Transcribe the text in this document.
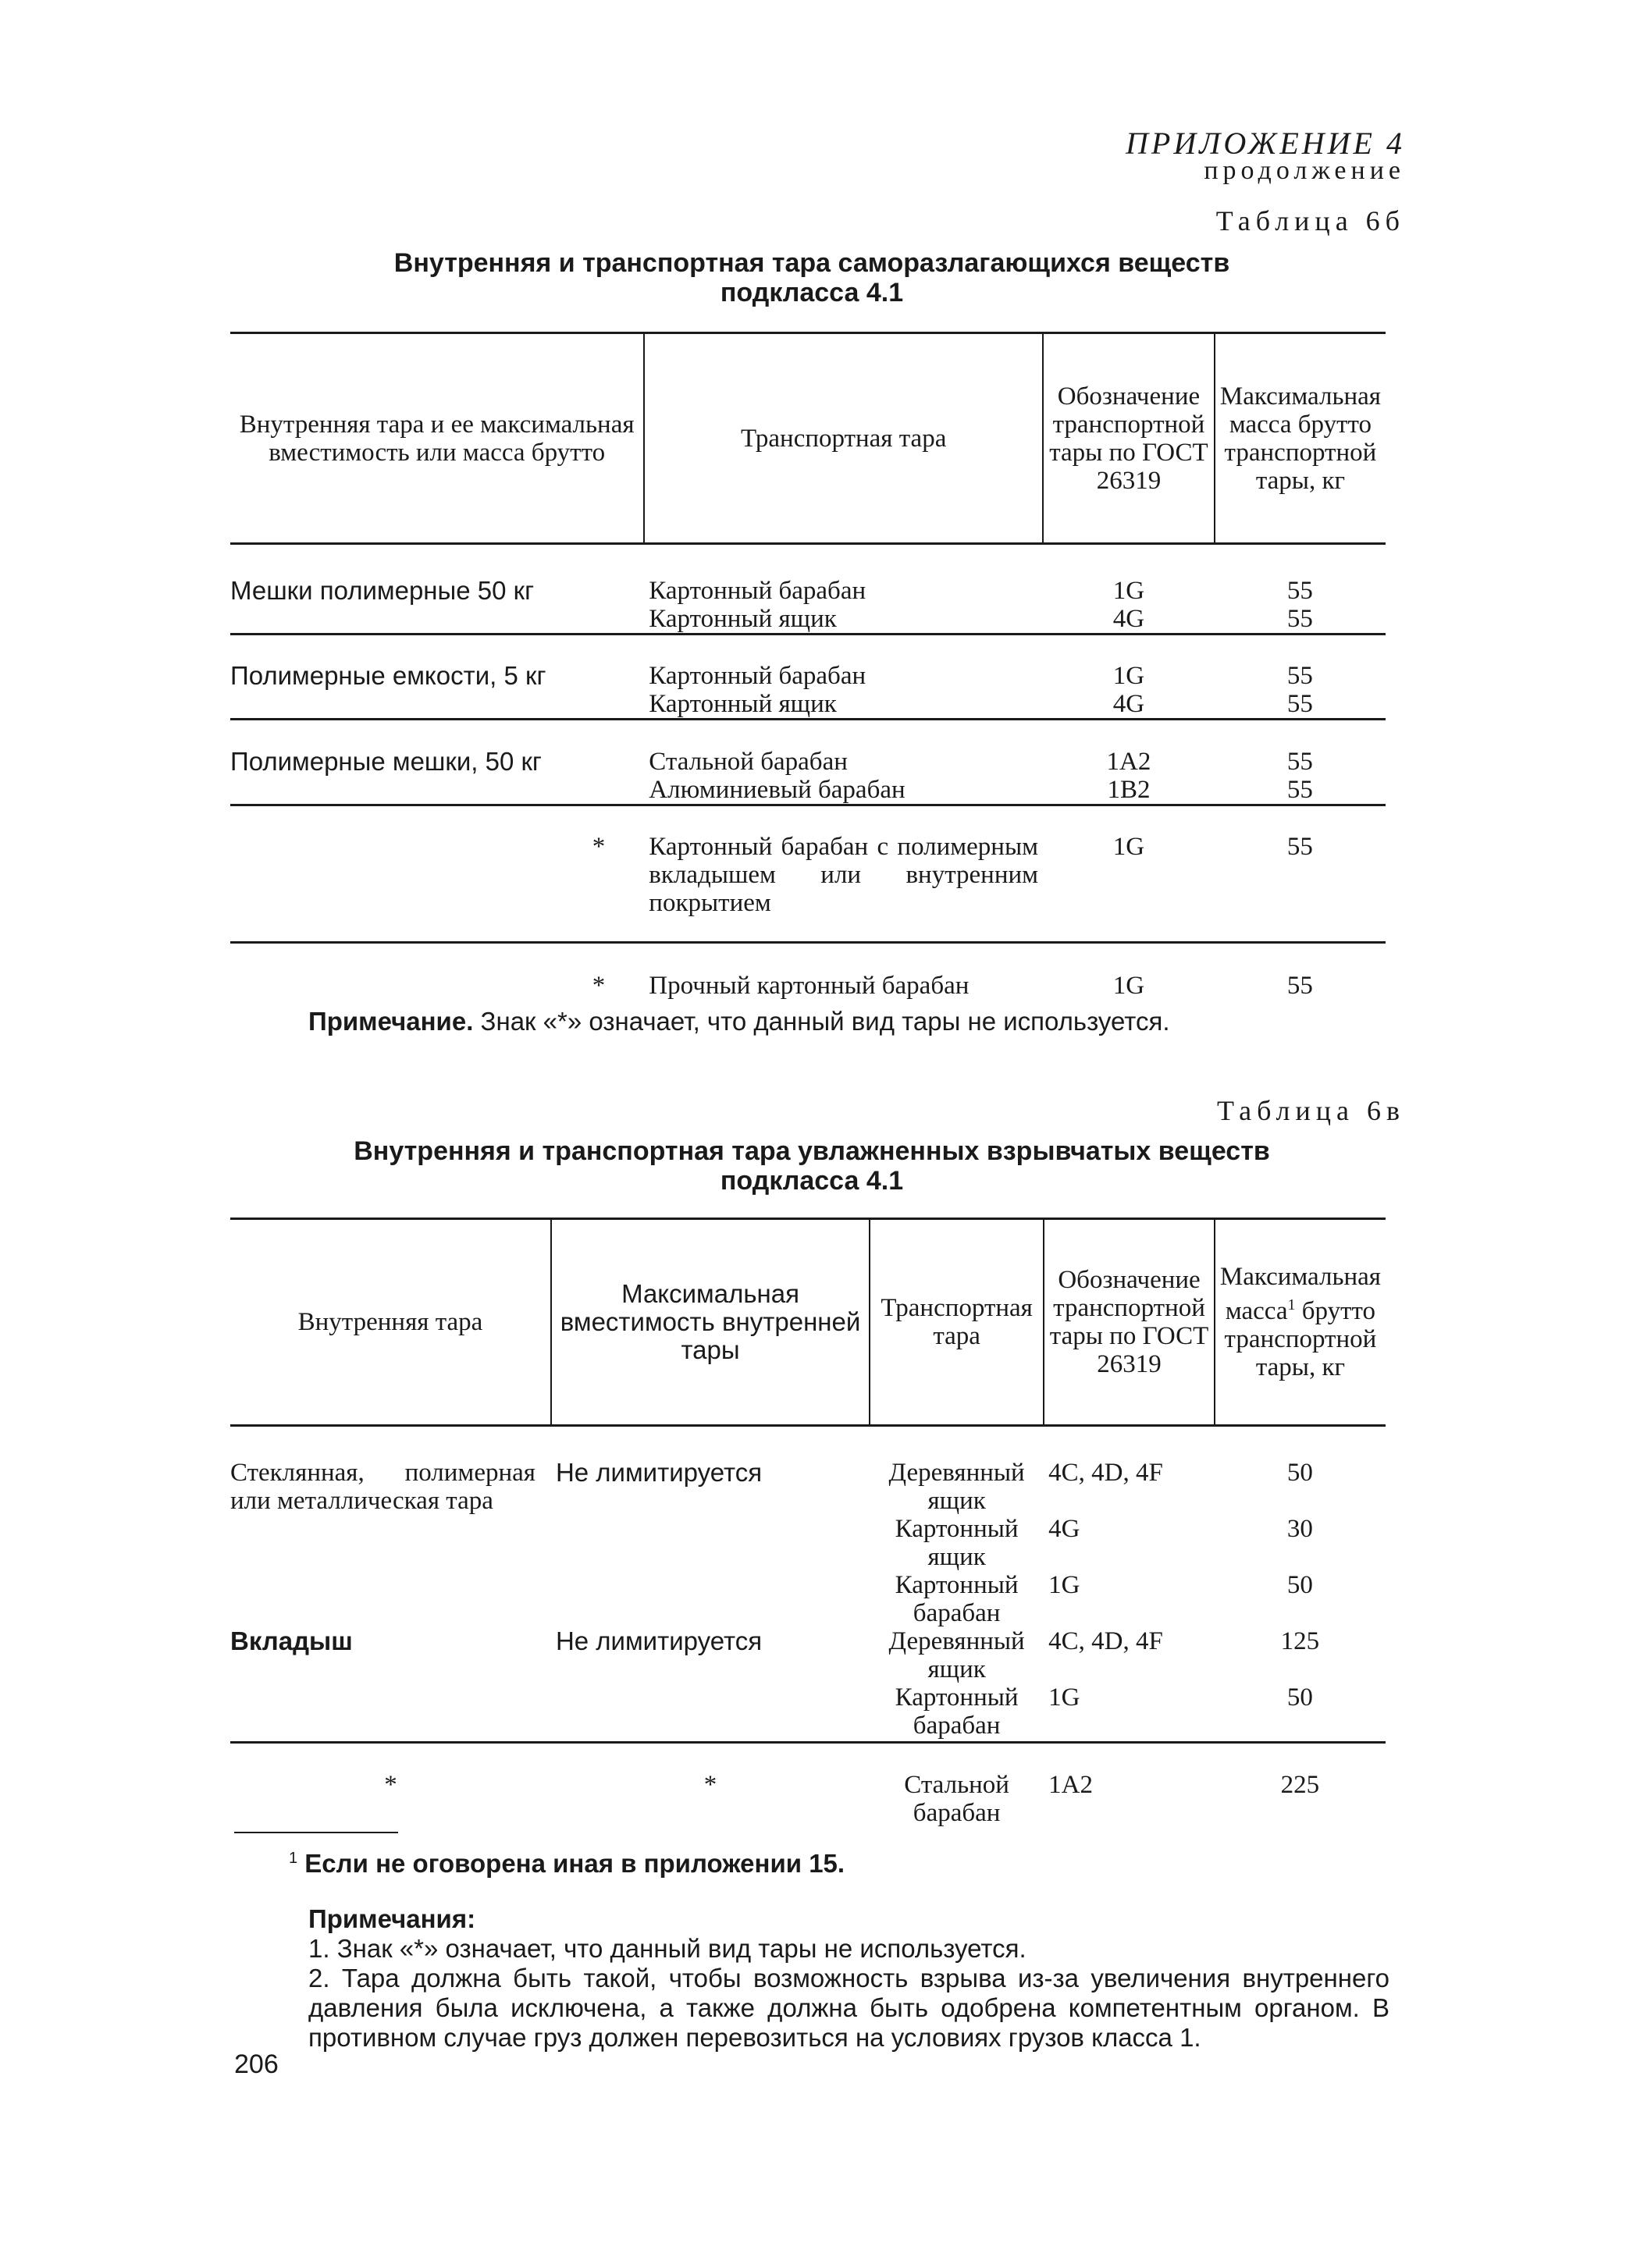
ПРИЛОЖЕНИЕ 4
продолжение
Таблица 6б
Внутренняя и транспортная тара саморазлагающихся веществ
подкласса 4.1
Внутренняя тара и ее максимальная вместимость или масса брутто	Транспортная тара	Обозначение транспортной тары по ГОСТ 26319	Максимальная масса брутто транспортной тары, кг

Мешки полимерные 50 кг	Картонный барабан	1G	55
	Картонный ящик	4G	55

Полимерные емкости, 5 кг	Картонный барабан	1G	55
	Картонный ящик	4G	55

Полимерные мешки, 50 кг	Стальной барабан	1A2	55
	Алюминиевый барабан	1B2	55

*	Картонный барабан с полимерным вкладышем или внутренним покрытием	1G	55

*	Прочный картонный барабан	1G	55
Примечание. Знак «*» означает, что данный вид тары не используется.
Таблица 6в
Внутренняя и транспортная тара увлажненных взрывчатых веществ
подкласса 4.1
Внутренняя тара	Максимальная вместимость внутренней тары	Транспортная тара	Обозначение транспортной тары по ГОСТ 26319	Максимальная масса$^1$ брутто транспортной тары, кг

Стеклянная, полимерная или металлическая тара	Не лимитируется	Деревянный ящик	4C, 4D, 4F	50
		Картонный ящик	4G	30
		Картонный барабан	1G	50
Вкладыш	Не лимитируется	Деревянный ящик	4C, 4D, 4F	125
		Картонный барабан	1G	50

*	*	Стальной барабан	1A2	225
$^1$ Если не оговорена иная в приложении 15.
Примечания:
1. Знак «*» означает, что данный вид тары не используется.
2. Тара должна быть такой, чтобы возможность взрыва из-за увеличения внутреннего давления была исключена, а также должна быть одобрена компетентным органом. В противном случае груз должен перевозиться на условиях грузов класса 1.
206
